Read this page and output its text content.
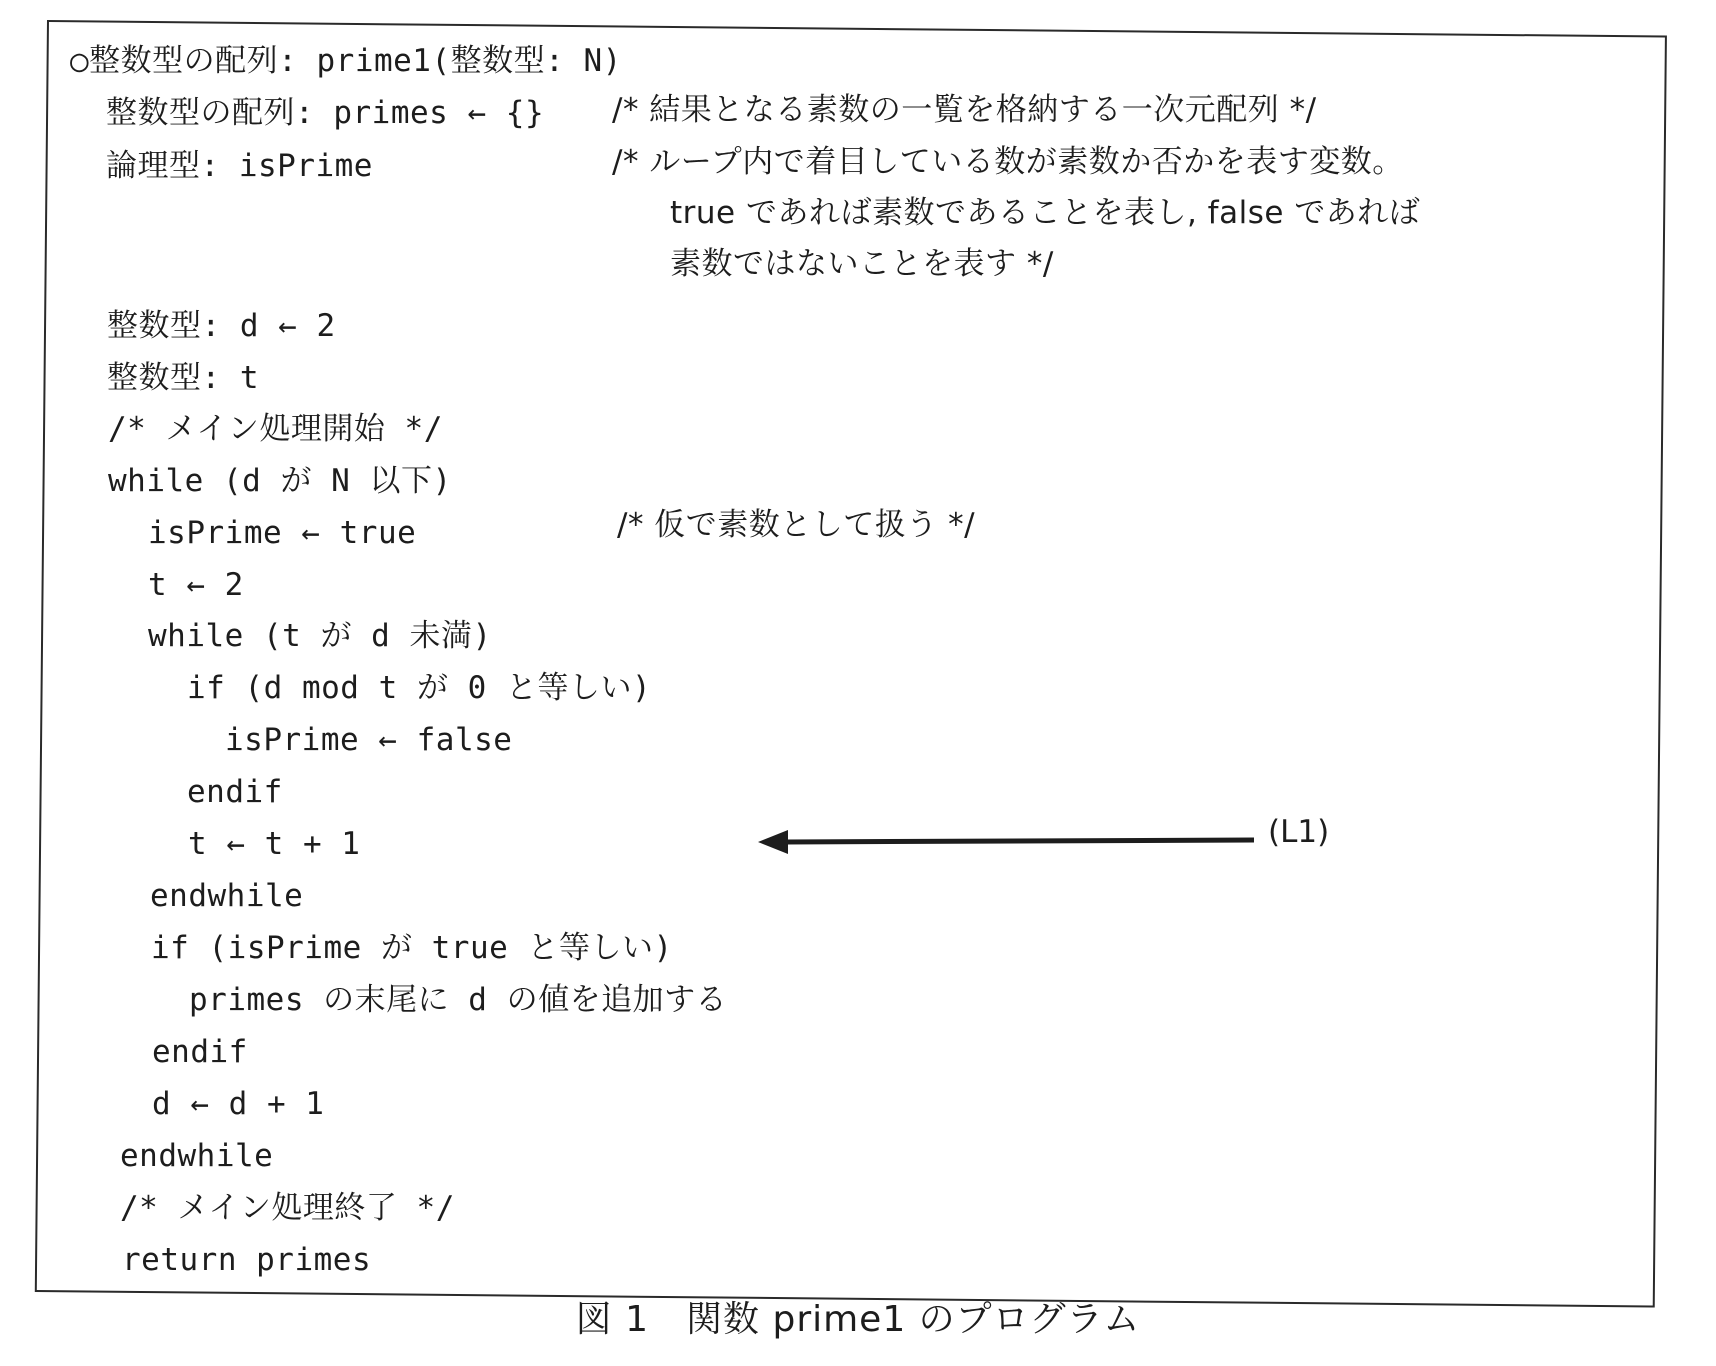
○整数型の配列: prime1(整数型: N)
整数型の配列: primes ← {} /* 結果となる素数の一覧を格納する一次元配列 */
論理型: isPrime	/* ループ内で着目している数が素数か否かを表す変数。
true であれば素数であることを表し, false であれば
素数ではないことを表す */
整数型: d ← 2
整数型: t
/* メイン処理開始 */
while (d が N 以下)
isPrime ← true	/* 仮で素数として扱う */
t ← 2
while (t が d 未満)
if (d mod t が 0 と等しい)
isPrime ← false
endif
t ← t + 1
endwhile
if (isPrime が true と等しい)
primes の末尾に d の値を追加する
endif
d ← d + 1
endwhile
/* メイン処理終了 */
return primes
(L1)
図 1　関数 prime1 のプログラム
